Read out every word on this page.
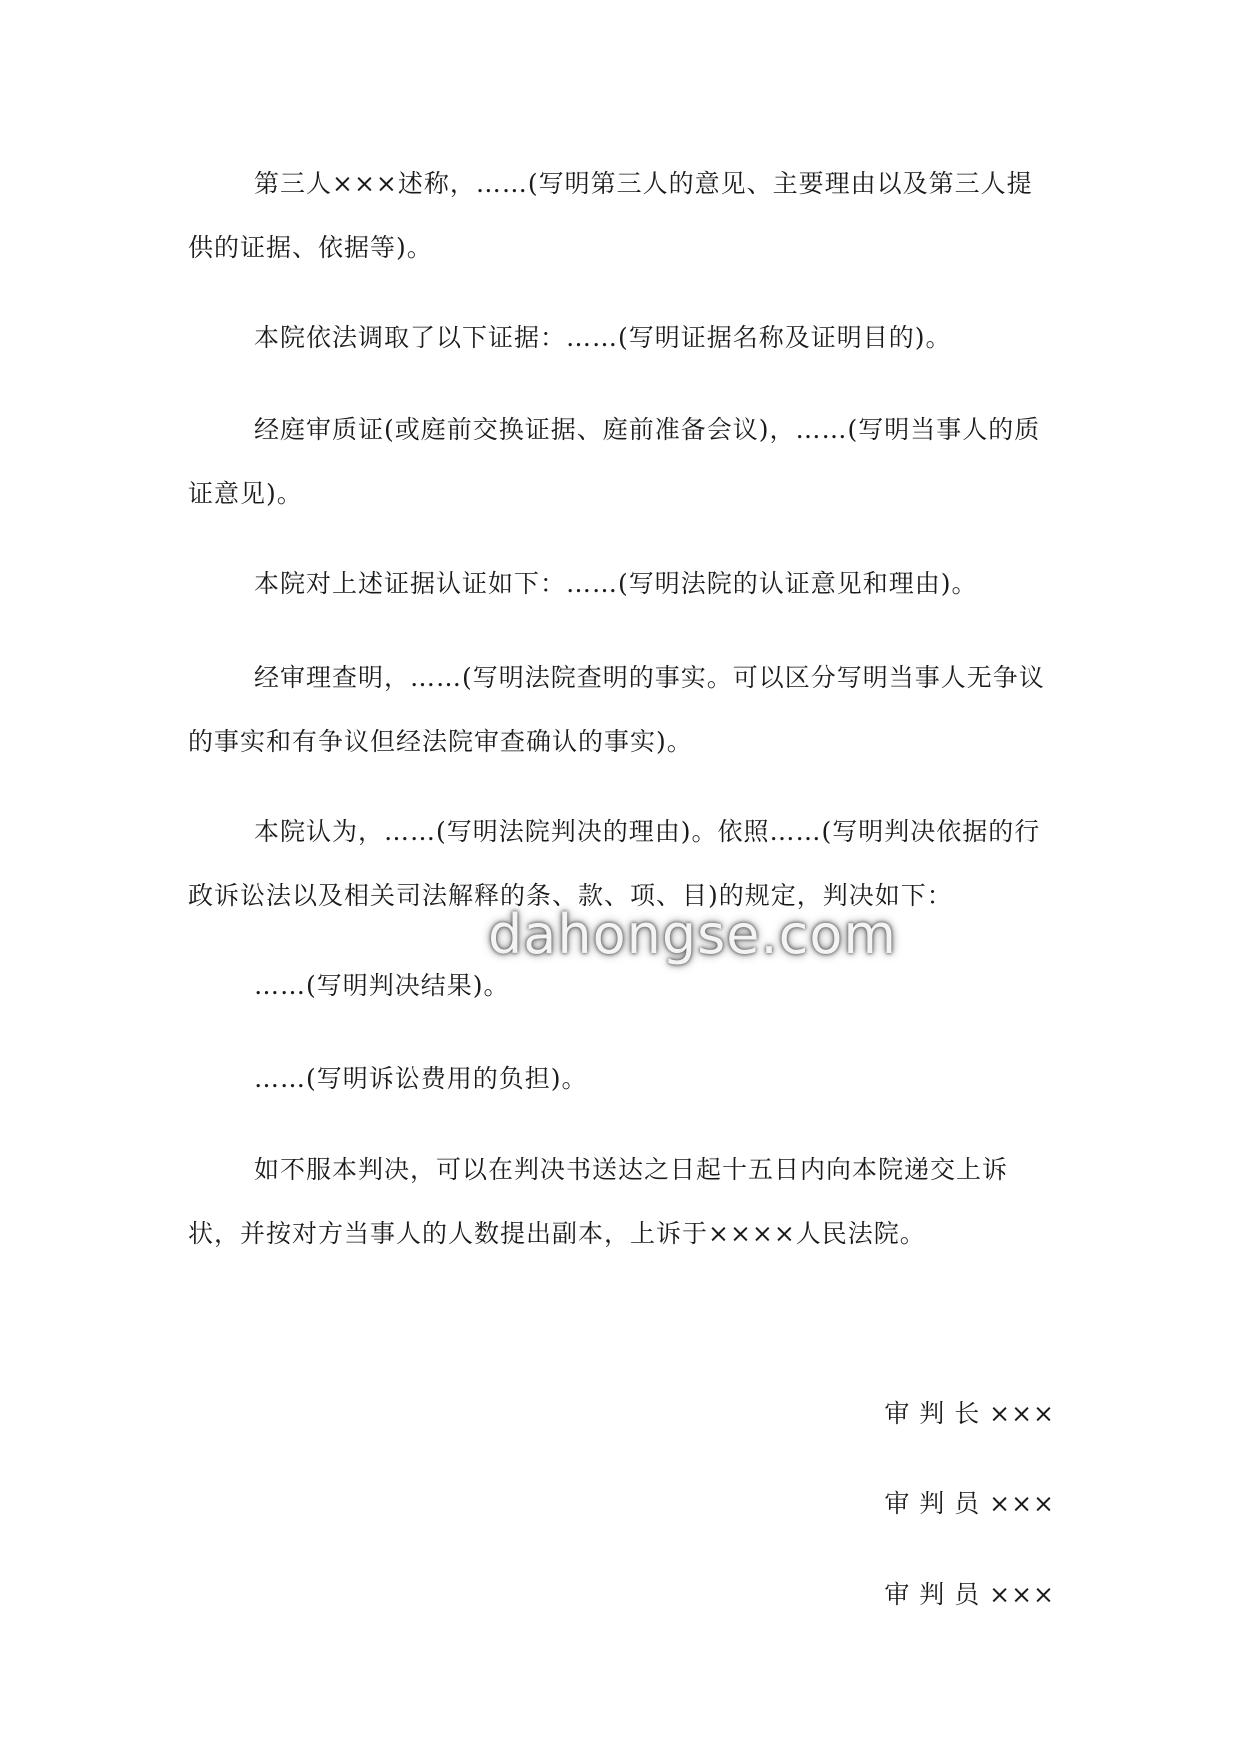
第三人×××述称，……(写明第三人的意见、主要理由以及第三人提供的证据、依据等)。

本院依法调取了以下证据：……(写明证据名称及证明目的)。

经庭审质证(或庭前交换证据、庭前准备会议)，……(写明当事人的质证意见)。

本院对上述证据认证如下：……(写明法院的认证意见和理由)。

经审理查明，……(写明法院查明的事实。可以区分写明当事人无争议的事实和有争议但经法院审查确认的事实)。

本院认为，……(写明法院判决的理由)。依照……(写明判决依据的行政诉讼法以及相关司法解释的条、款、项、目)的规定，判决如下：

……(写明判决结果)。

……(写明诉讼费用的负担)。

如不服本判决，可以在判决书送达之日起十五日内向本院递交上诉状，并按对方当事人的人数提出副本，上诉于××××人民法院。

审 判 长 ×××
审 判 员 ×××
审 判 员 ×××
dahongse.com
